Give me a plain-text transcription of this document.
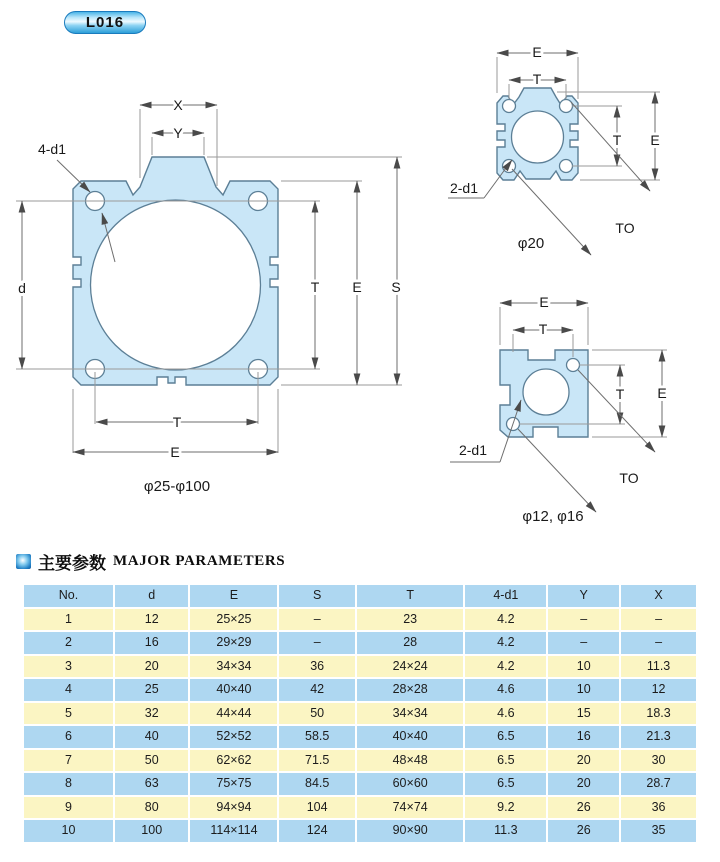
L016
X
Y
4-d1
d	T E S
T
E
φ25-φ100
E
T
T E
2-d1
TO
φ20
E
T
T E
2-d1
TO
φ12, φ16
主要参数 MAJOR PARAMETERS
No.	d	E	S	T	4-d1	Y	X
1	12	25×25	–	23	4.2	–	–
2	16	29×29	–	28	4.2	–	–
3	20	34×34	36	24×24	4.2	10	11.3
4	25	40×40	42	28×28	4.6	10	12
5	32	44×44	50	34×34	4.6	15	18.3
6	40	52×52	58.5	40×40	6.5	16	21.3
7	50	62×62	71.5	48×48	6.5	20	30
8	63	75×75	84.5	60×60	6.5	20	28.7
9	80	94×94	104	74×74	9.2	26	36
10	100	114×114	124	90×90	11.3	26	35
